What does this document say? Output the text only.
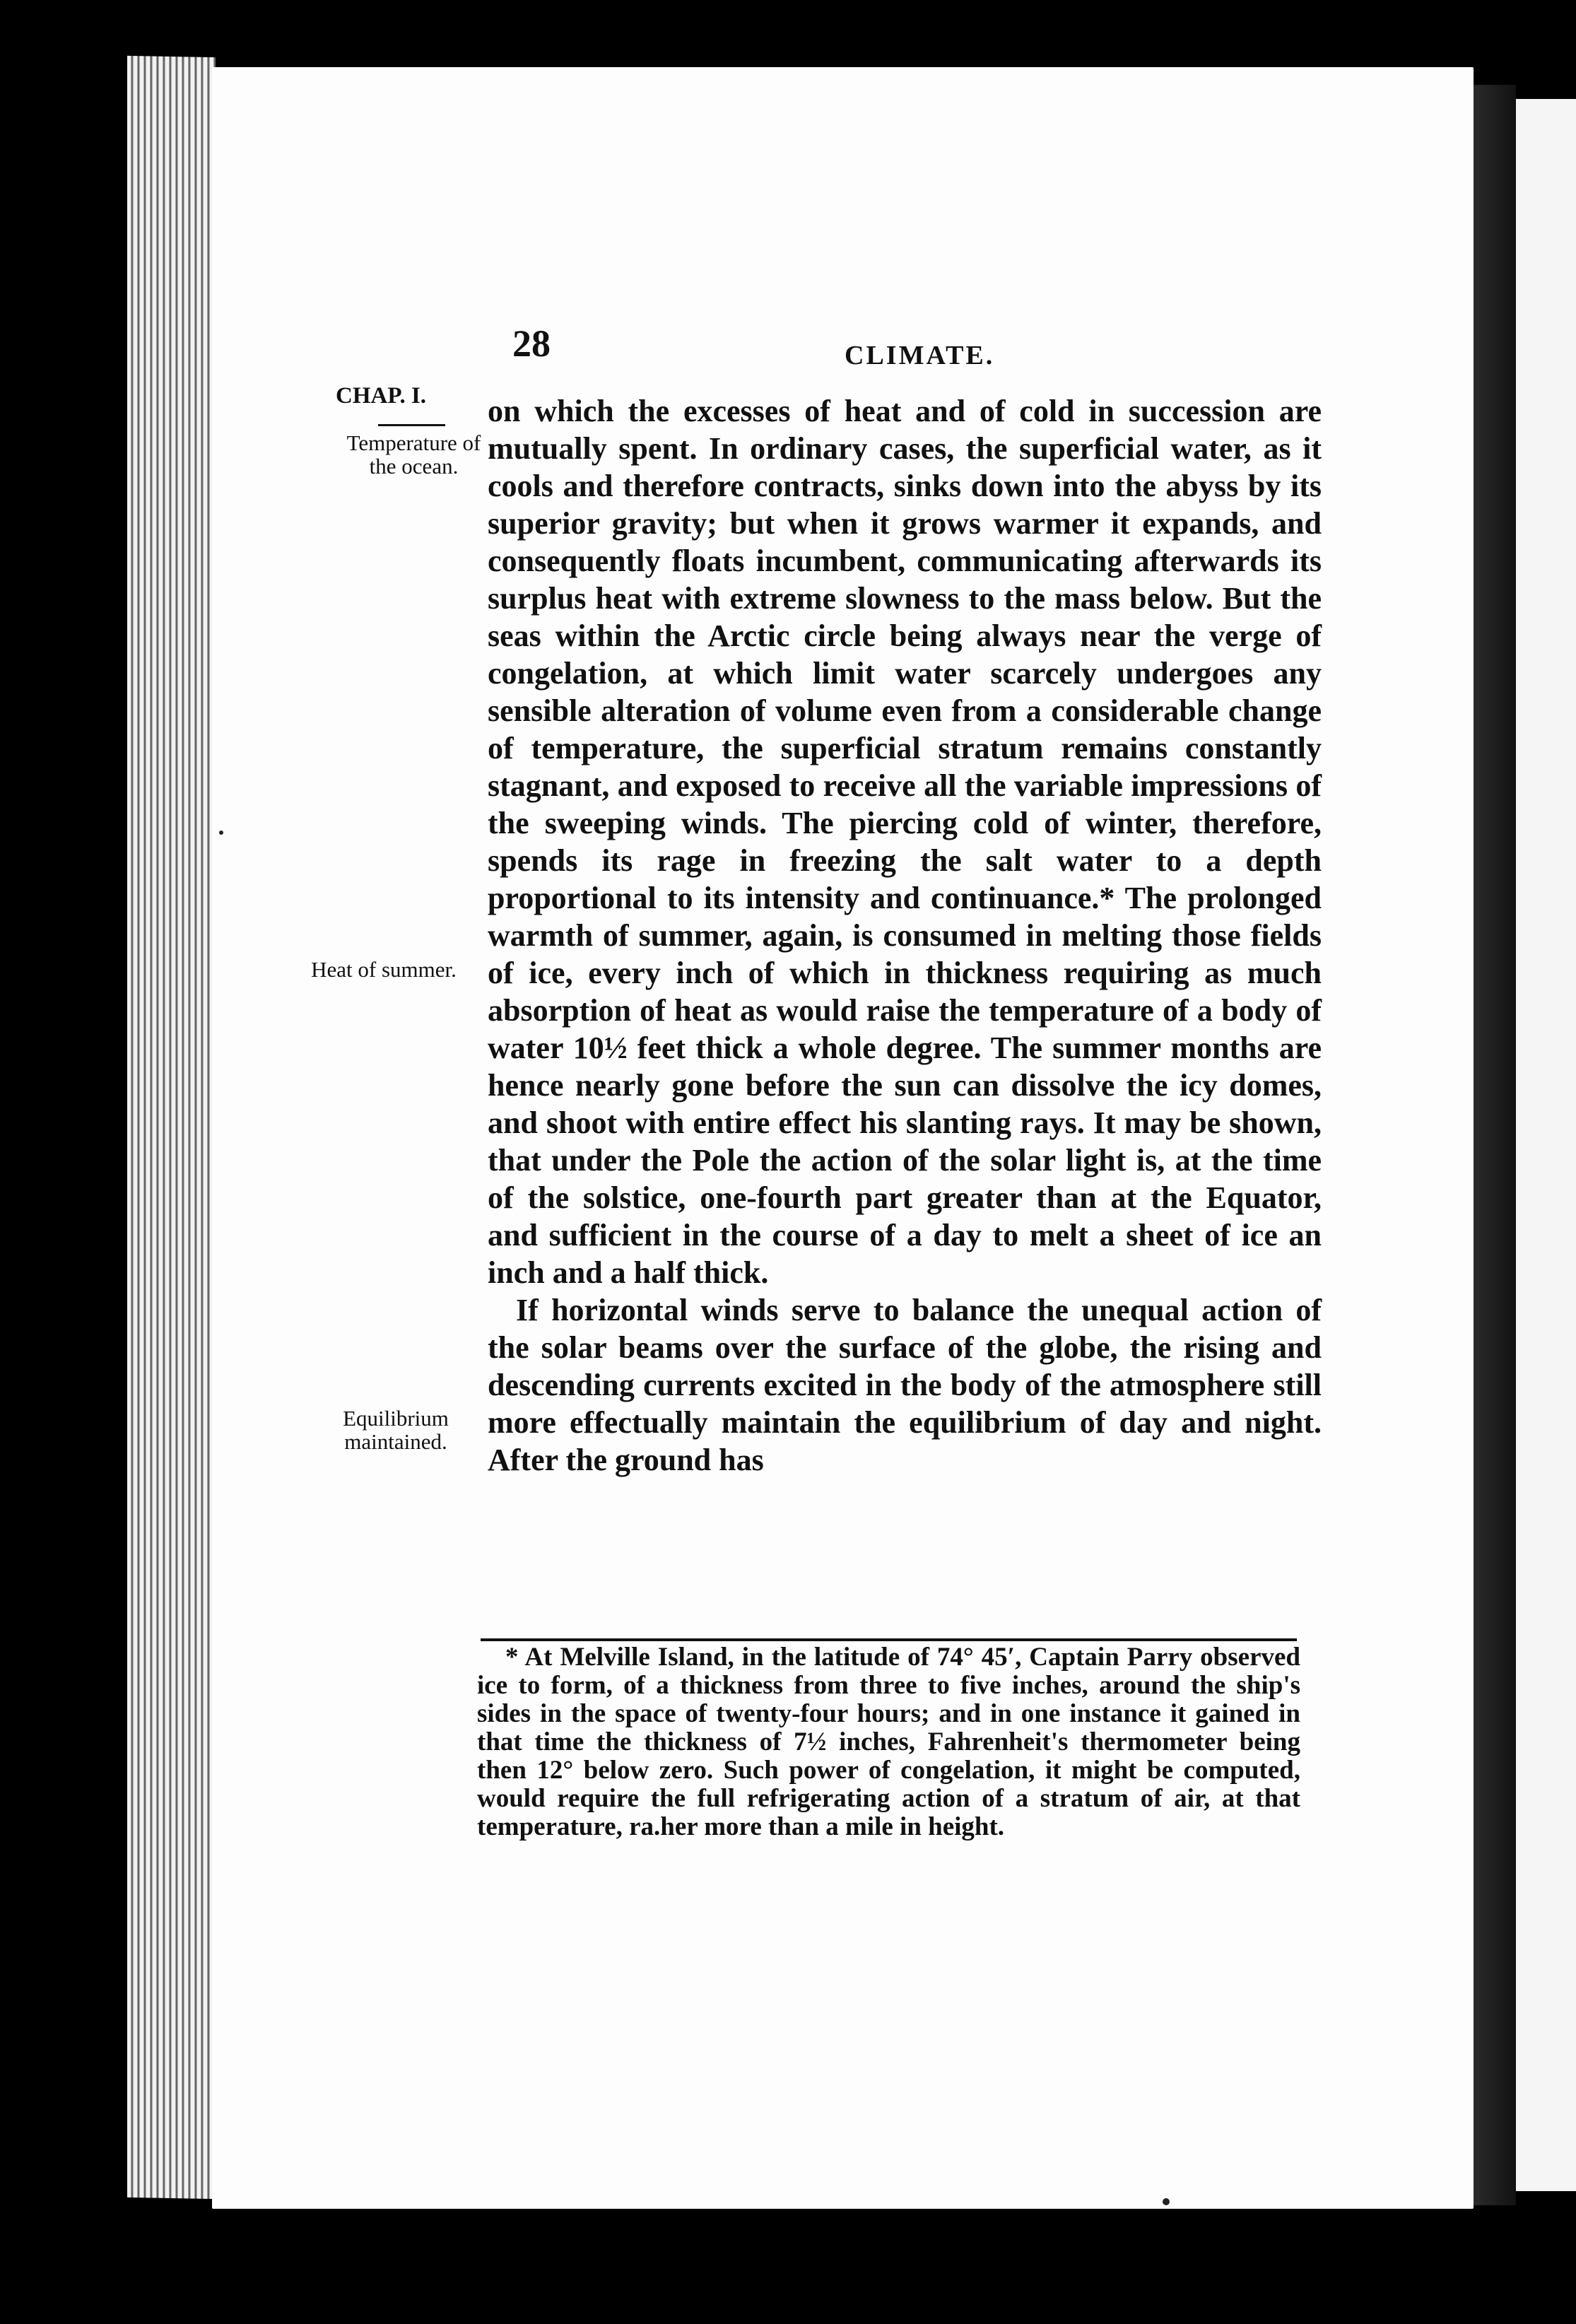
28	CLIMATE.
CHAP. I.
Temperature of the ocean.
Heat of summer.
Equilibrium maintained.

on which the excesses of heat and of cold in succession are mutually spent. In ordinary cases, the superficial water, as it cools and therefore contracts, sinks down into the abyss by its superior gravity; but when it grows warmer it expands, and consequently floats incumbent, communicating afterwards its surplus heat with extreme slowness to the mass below. But the seas within the Arctic circle being always near the verge of congelation, at which limit water scarcely undergoes any sensible alteration of volume even from a considerable change of temperature, the superficial stratum remains constantly stagnant, and exposed to receive all the variable impressions of the sweeping winds. The piercing cold of winter, therefore, spends its rage in freezing the salt water to a depth proportional to its intensity and continuance.* The prolonged warmth of summer, again, is consumed in melting those fields of ice, every inch of which in thickness requiring as much absorption of heat as would raise the temperature of a body of water 10½ feet thick a whole degree. The summer months are hence nearly gone before the sun can dissolve the icy domes, and shoot with entire effect his slanting rays. It may be shown, that under the Pole the action of the solar light is, at the time of the solstice, one-fourth part greater than at the Equator, and sufficient in the course of a day to melt a sheet of ice an inch and a half thick.

If horizontal winds serve to balance the unequal action of the solar beams over the surface of the globe, the rising and descending currents excited in the body of the atmosphere still more effectually maintain the equilibrium of day and night. After the ground has

* At Melville Island, in the latitude of 74° 45′, Captain Parry observed ice to form, of a thickness from three to five inches, around the ship's sides in the space of twenty-four hours; and in one instance it gained in that time the thickness of 7½ inches, Fahrenheit's thermometer being then 12° below zero. Such power of congelation, it might be computed, would require the full refrigerating action of a stratum of air, at that temperature, ra.her more than a mile in height.
